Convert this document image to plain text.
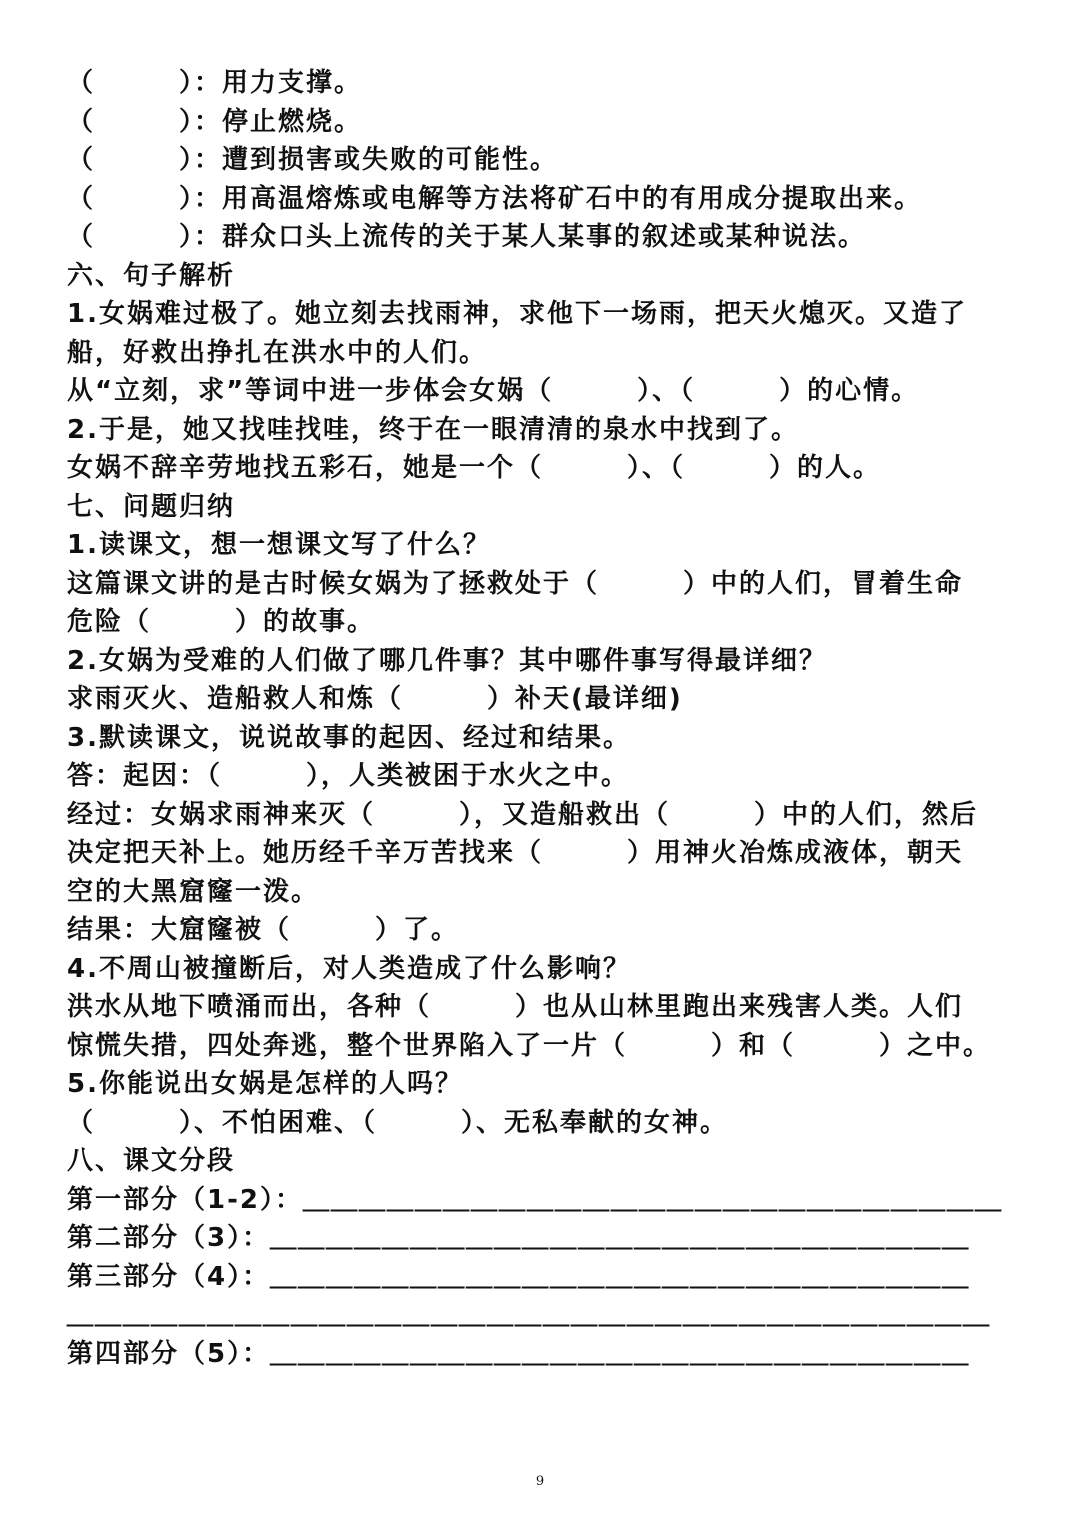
（　　　）：用力支撑。
（　　　）：停止燃烧。
（　　　）：遭到损害或失败的可能性。
（　　　）：用高温熔炼或电解等方法将矿石中的有用成分提取出来。
（　　　）：群众口头上流传的关于某人某事的叙述或某种说法。
六、句子解析
1.女娲难过极了。她立刻去找雨神，求他下一场雨，把天火熄灭。又造了
船，好救出挣扎在洪水中的人们。
从“立刻，求”等词中进一步体会女娲（　　　）、（　　　）的心情。
2.于是，她又找哇找哇，终于在一眼清清的泉水中找到了。
女娲不辞辛劳地找五彩石，她是一个（　　　）、（　　　）的人。
七、问题归纳
1.读课文，想一想课文写了什么？
这篇课文讲的是古时候女娲为了拯救处于（　　　）中的人们，冒着生命
危险（　　　）的故事。
2.女娲为受难的人们做了哪几件事？其中哪件事写得最详细？
求雨灭火、造船救人和炼（　　　）补天(最详细)
3.默读课文，说说故事的起因、经过和结果。
答：起因：（　　　），人类被困于水火之中。
经过：女娲求雨神来灭（　　　），又造船救出（　　　）中的人们，然后
决定把天补上。她历经千辛万苦找来（　　　）用神火冶炼成液体，朝天
空的大黑窟窿一泼。
结果：大窟窿被（　　　）了。
4.不周山被撞断后，对人类造成了什么影响？
洪水从地下喷涌而出，各种（　　　）也从山林里跑出来残害人类。人们
惊慌失措，四处奔逃，整个世界陷入了一片（　　　）和（　　　）之中。
5.你能说出女娲是怎样的人吗？
（　　　）、不怕困难、（　　　）、无私奉献的女神。
八、课文分段
第一部分（1-2）：＿＿＿＿＿＿＿＿＿＿＿＿＿＿＿＿＿＿＿＿＿＿＿＿＿
第二部分（3）：＿＿＿＿＿＿＿＿＿＿＿＿＿＿＿＿＿＿＿＿＿＿＿＿＿
第三部分（4）：＿＿＿＿＿＿＿＿＿＿＿＿＿＿＿＿＿＿＿＿＿＿＿＿＿
＿＿＿＿＿＿＿＿＿＿＿＿＿＿＿＿＿＿＿＿＿＿＿＿＿＿＿＿＿＿＿＿＿
第四部分（5）：＿＿＿＿＿＿＿＿＿＿＿＿＿＿＿＿＿＿＿＿＿＿＿＿＿
9
